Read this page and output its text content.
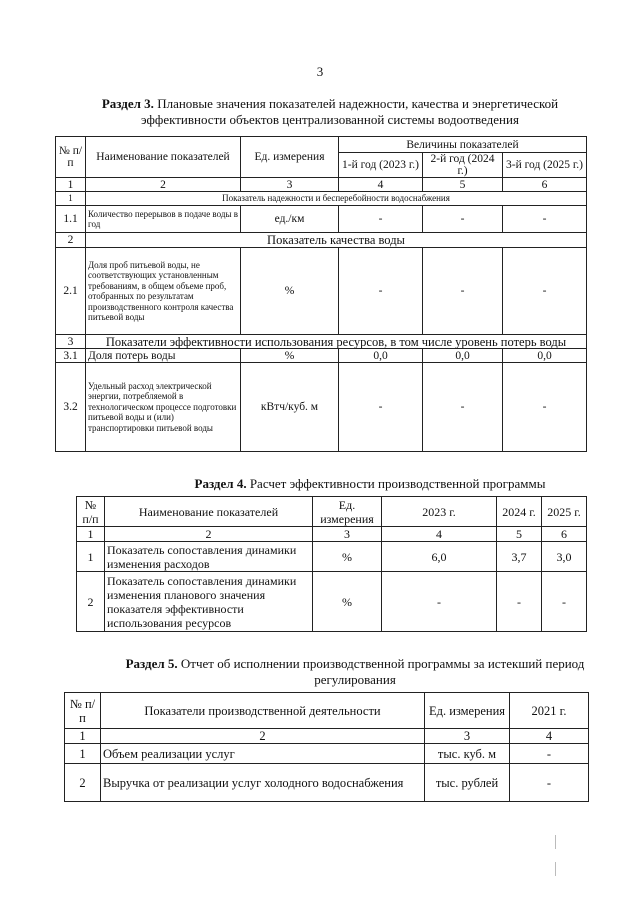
3
Раздел 3. Плановые значения показателей надежности, качества и энергетической эффективности объектов централизованной системы водоотведения
№ п/п	Наименование показателей	Ед. измерения	Величины показателей		
			1-й год (2023 г.)	2-й год (2024 г.)	3-й год (2025 г.)
1	2	3	4	5	6
1	Показатель надежности и бесперебойности водоснабжения				
1.1	Количество перерывов в подаче воды в год	ед./км	-	-	-
2	Показатель качества воды				
2.1	Доля проб питьевой воды, не соответствующих установленным требованиям, в общем объеме проб, отобранных по результатам производственного контроля качества питьевой воды	%	-	-	-
3	Показатели эффективности использования ресурсов, в том числе уровень потерь воды				
3.1	Доля потерь воды	%	0,0	0,0	0,0
3.2	Удельный расход электрической энергии, потребляемой в технологическом процессе подготовки питьевой воды и (или) транспортировки питьевой воды	кВтч/куб. м	-	-	-
Раздел 4. Расчет эффективности производственной программы
№ п/п	Наименование показателей	Ед. измерения	2023 г.	2024 г.	2025 г.
1	2	3	4	5	6
1	Показатель сопоставления динамики изменения расходов	%	6,0	3,7	3,0
2	Показатель сопоставления динамики изменения планового значения показателя эффективности использования ресурсов	%	-	-	-
Раздел 5. Отчет об исполнении производственной программы за истекший период регулирования
№ п/п	Показатели производственной деятельности	Ед. измерения	2021 г.
1	2	3	4
1	Объем реализации услуг	тыс. куб. м	-
2	Выручка от реализации услуг холодного водоснабжения	тыс. рублей	-
